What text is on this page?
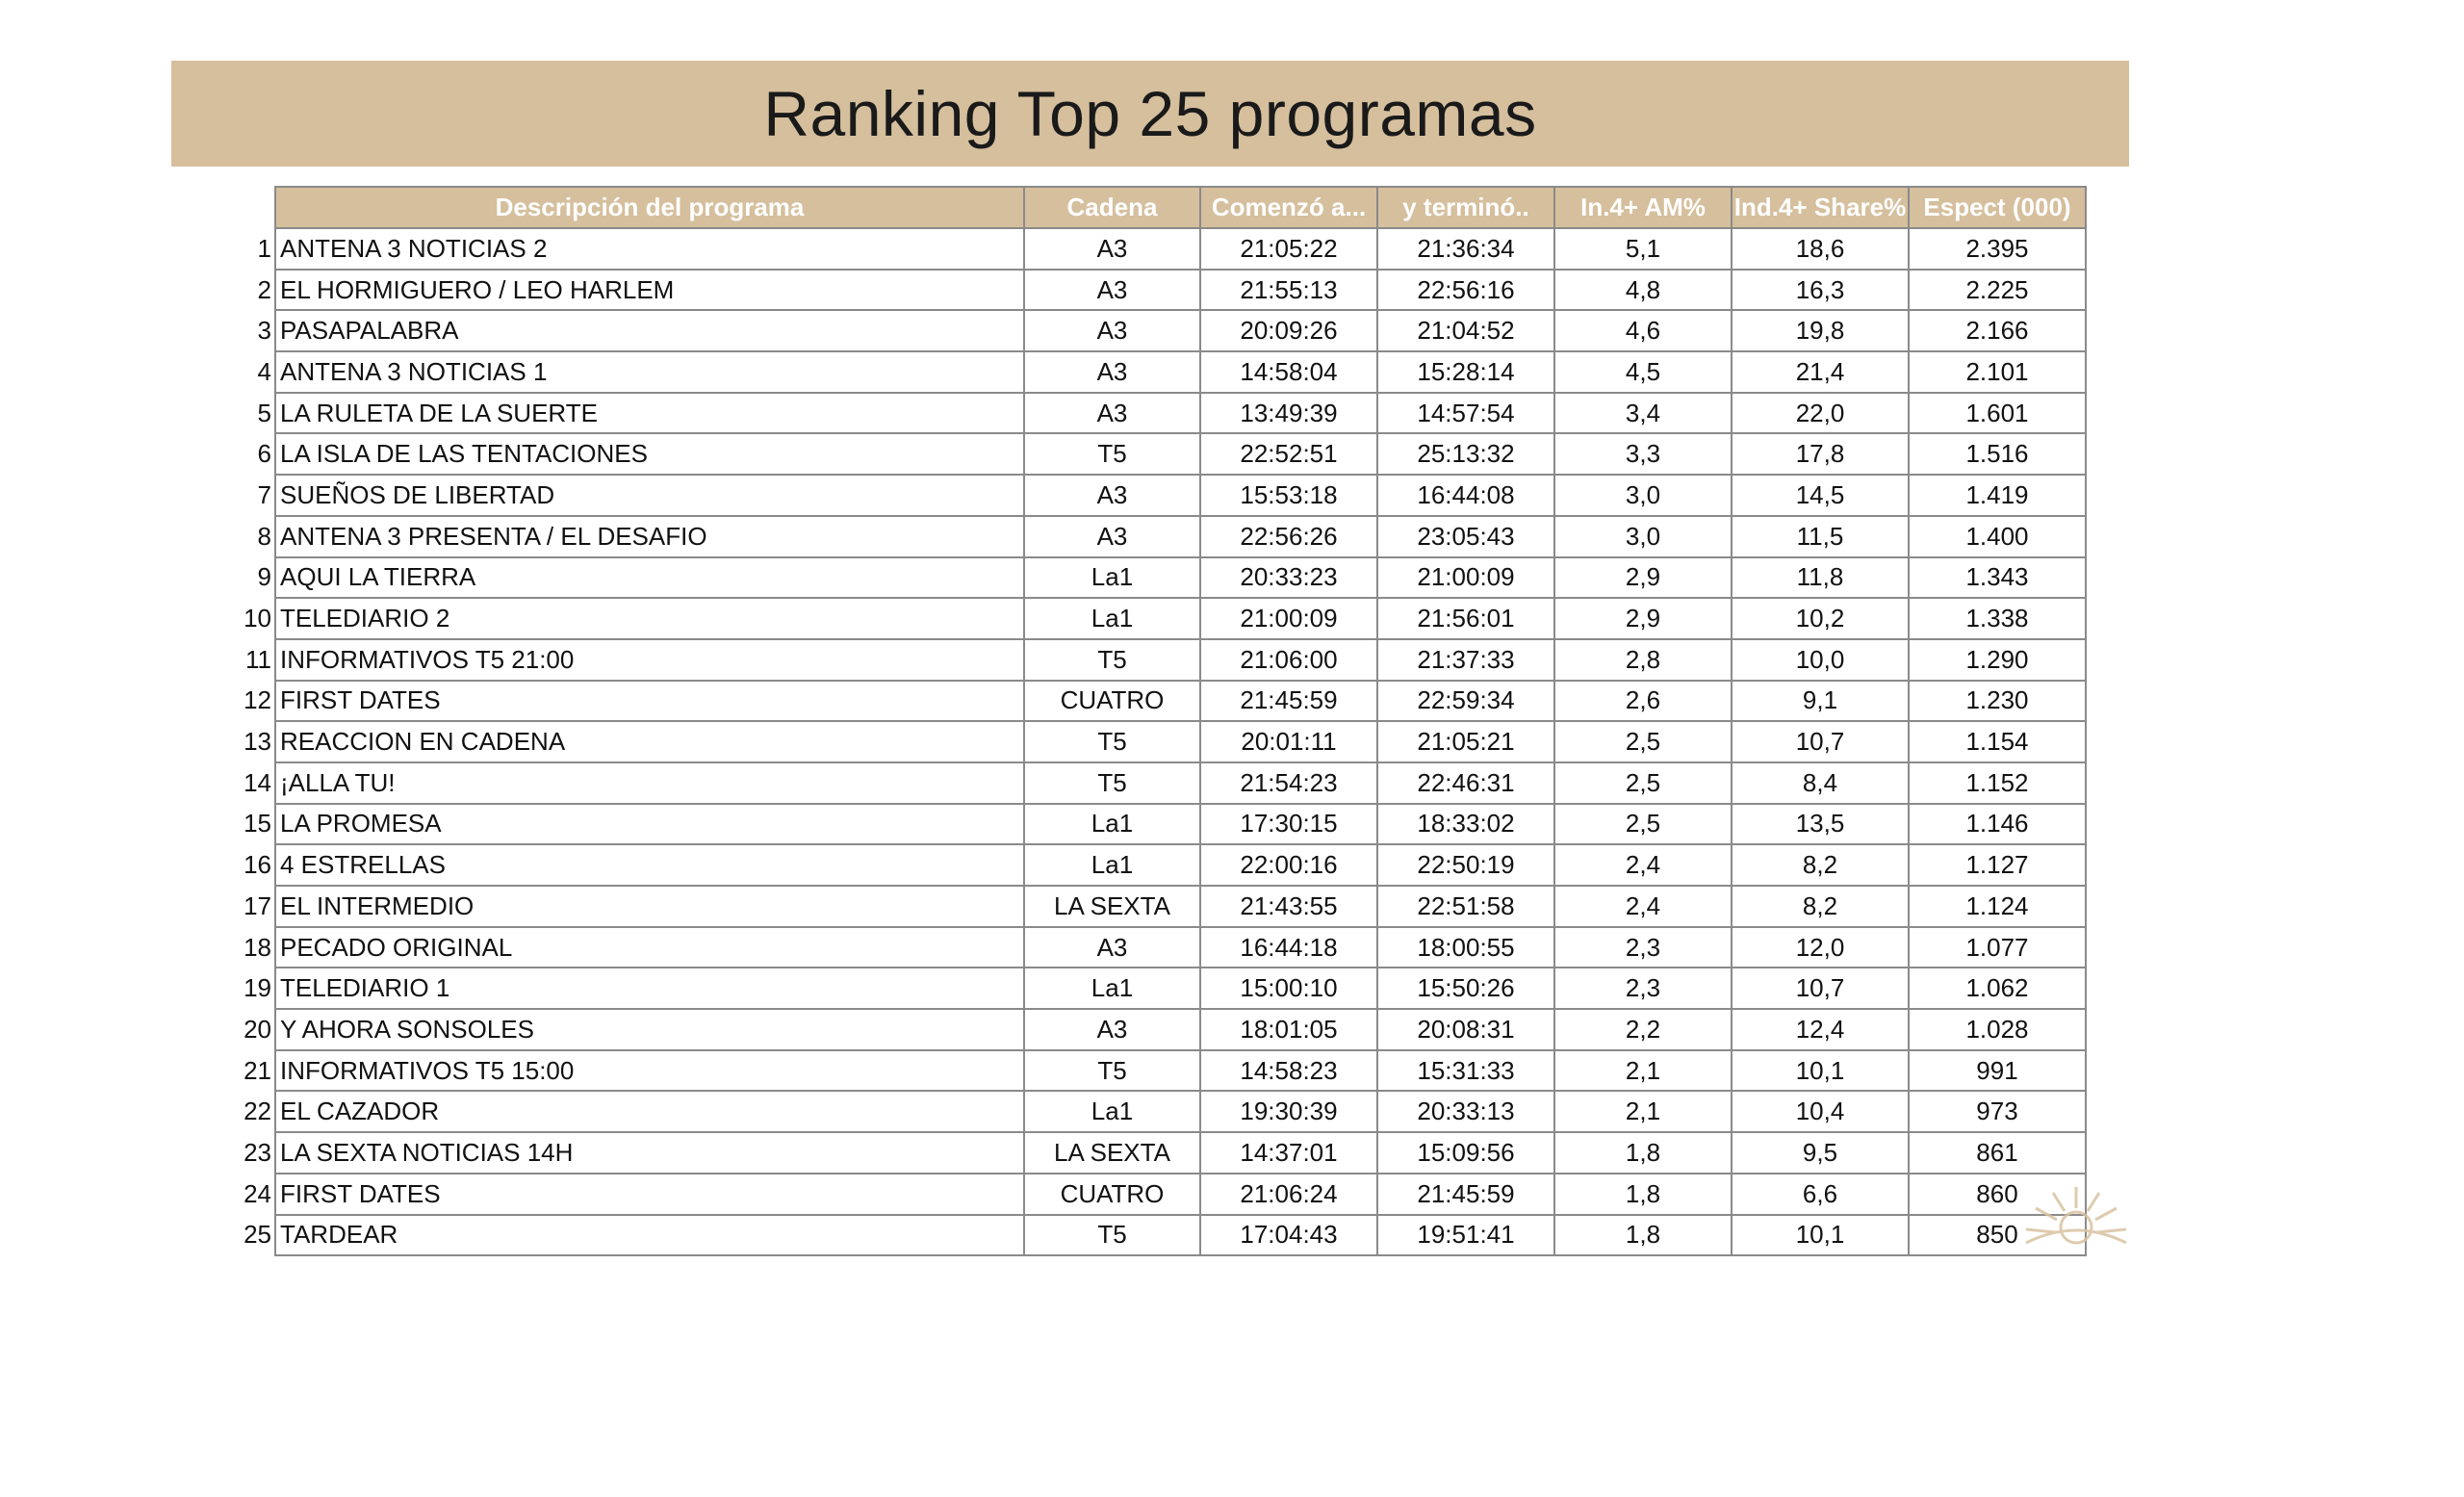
Ranking Top 25 programas
	Descripción del programa	Cadena	Comenzó a...	y terminó..	In.4+ AM%	Ind.4+ Share%	Espect (000)
1	ANTENA 3 NOTICIAS 2	A3	21:05:22	21:36:34	5,1	18,6	2.395
2	EL HORMIGUERO / LEO HARLEM	A3	21:55:13	22:56:16	4,8	16,3	2.225
3	PASAPALABRA	A3	20:09:26	21:04:52	4,6	19,8	2.166
4	ANTENA 3 NOTICIAS 1	A3	14:58:04	15:28:14	4,5	21,4	2.101
5	LA RULETA DE LA SUERTE	A3	13:49:39	14:57:54	3,4	22,0	1.601
6	LA ISLA DE LAS TENTACIONES	T5	22:52:51	25:13:32	3,3	17,8	1.516
7	SUEÑOS DE LIBERTAD	A3	15:53:18	16:44:08	3,0	14,5	1.419
8	ANTENA 3 PRESENTA / EL DESAFIO	A3	22:56:26	23:05:43	3,0	11,5	1.400
9	AQUI LA TIERRA	La1	20:33:23	21:00:09	2,9	11,8	1.343
10	TELEDIARIO 2	La1	21:00:09	21:56:01	2,9	10,2	1.338
11	INFORMATIVOS T5 21:00	T5	21:06:00	21:37:33	2,8	10,0	1.290
12	FIRST DATES	CUATRO	21:45:59	22:59:34	2,6	9,1	1.230
13	REACCION EN CADENA	T5	20:01:11	21:05:21	2,5	10,7	1.154
14	¡ALLA TU!	T5	21:54:23	22:46:31	2,5	8,4	1.152
15	LA PROMESA	La1	17:30:15	18:33:02	2,5	13,5	1.146
16	4 ESTRELLAS	La1	22:00:16	22:50:19	2,4	8,2	1.127
17	EL INTERMEDIO	LA SEXTA	21:43:55	22:51:58	2,4	8,2	1.124
18	PECADO ORIGINAL	A3	16:44:18	18:00:55	2,3	12,0	1.077
19	TELEDIARIO 1	La1	15:00:10	15:50:26	2,3	10,7	1.062
20	Y AHORA SONSOLES	A3	18:01:05	20:08:31	2,2	12,4	1.028
21	INFORMATIVOS T5 15:00	T5	14:58:23	15:31:33	2,1	10,1	991
22	EL CAZADOR	La1	19:30:39	20:33:13	2,1	10,4	973
23	LA SEXTA NOTICIAS 14H	LA SEXTA	14:37:01	15:09:56	1,8	9,5	861
24	FIRST DATES	CUATRO	21:06:24	21:45:59	1,8	6,6	860
25	TARDEAR	T5	17:04:43	19:51:41	1,8	10,1	850
